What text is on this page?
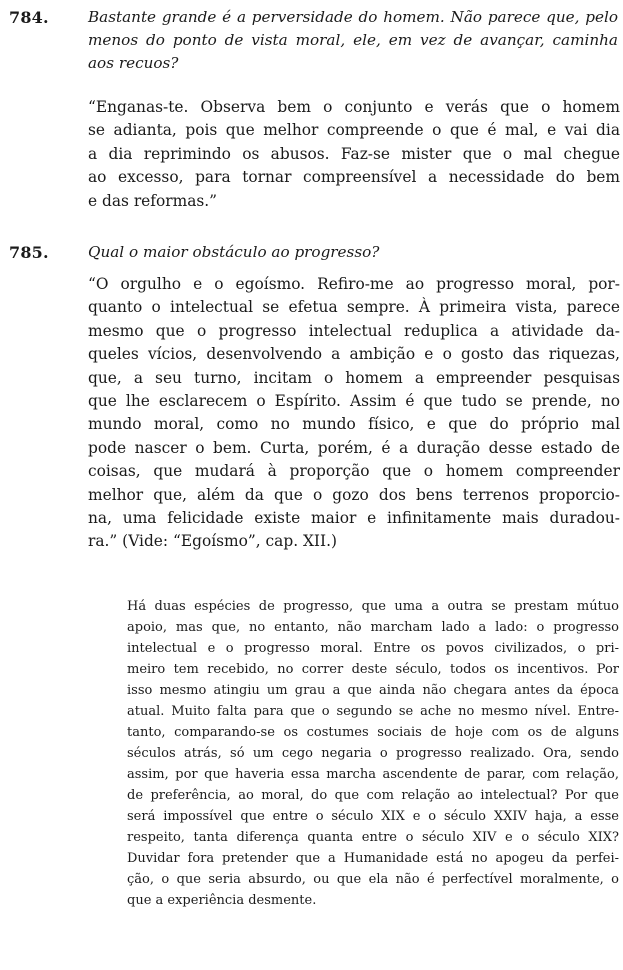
784.	Bastante grande é a perversidade do homem. Não parece que, pelo
menos do ponto de vista moral, ele, em vez de avançar, caminha
aos recuos?
“Enganas-te. Observa bem o conjunto e verás que o homem
se adianta, pois que melhor compreende o que é mal, e vai dia
a dia reprimindo os abusos. Faz-se mister que o mal chegue
ao excesso, para tornar compreensível a necessidade do bem
e das reformas.”
785.	Qual o maior obstáculo ao progresso?
“O orgulho e o egoísmo. Refiro-me ao progresso moral, por-
quanto o intelectual se efetua sempre. À primeira vista, parece
mesmo que o progresso intelectual reduplica a atividade da-
queles vícios, desenvolvendo a ambição e o gosto das riquezas,
que, a seu turno, incitam o homem a empreender pesquisas
que lhe esclarecem o Espírito. Assim é que tudo se prende, no
mundo moral, como no mundo físico, e que do próprio mal
pode nascer o bem. Curta, porém, é a duração desse estado de
coisas, que mudará à proporção que o homem compreender
melhor que, além da que o gozo dos bens terrenos proporcio-
na, uma felicidade existe maior e infinitamente mais duradou-
ra.” (Vide: “Egoísmo”, cap. XII.)
Há duas espécies de progresso, que uma a outra se prestam mútuo
apoio, mas que, no entanto, não marcham lado a lado: o progresso
intelectual e o progresso moral. Entre os povos civilizados, o pri-
meiro tem recebido, no correr deste século, todos os incentivos. Por
isso mesmo atingiu um grau a que ainda não chegara antes da época
atual. Muito falta para que o segundo se ache no mesmo nível. Entre-
tanto, comparando-se os costumes sociais de hoje com os de alguns
séculos atrás, só um cego negaria o progresso realizado. Ora, sendo
assim, por que haveria essa marcha ascendente de parar, com relação,
de preferência, ao moral, do que com relação ao intelectual? Por que
será impossível que entre o século XIX e o século XXIV haja, a esse
respeito, tanta diferença quanta entre o século XIV e o século XIX?
Duvidar fora pretender que a Humanidade está no apogeu da perfei-
ção, o que seria absurdo, ou que ela não é perfectível moralmente, o
que a experiência desmente.
